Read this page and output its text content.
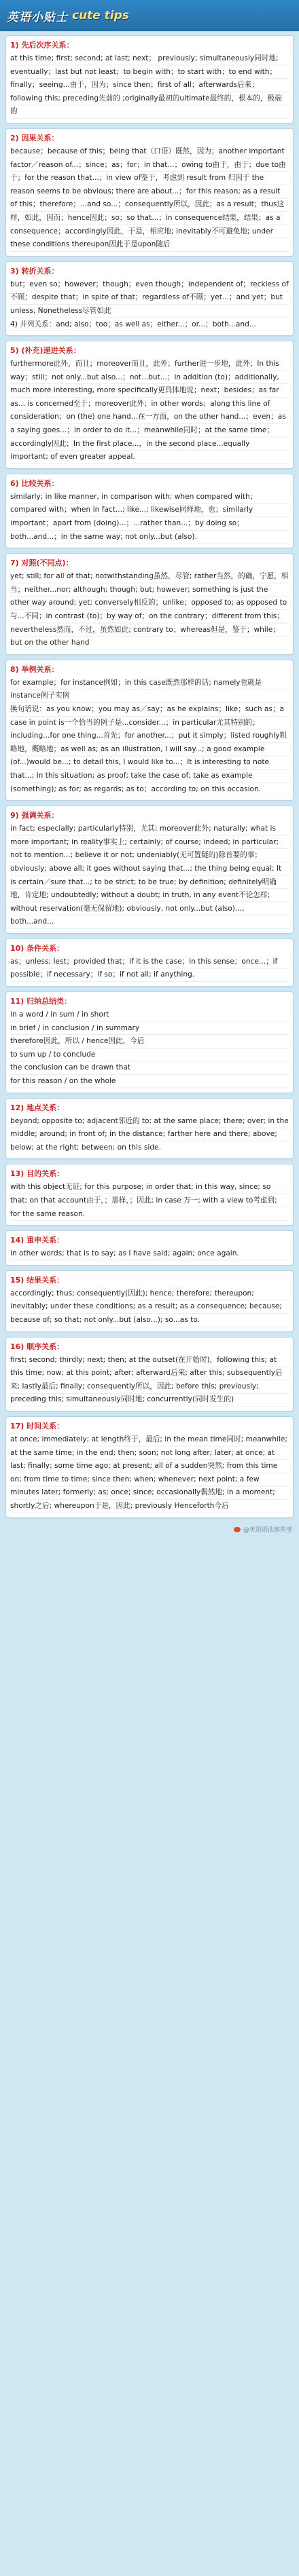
英语小贴士 cute tips
1) 先后次序关系：
at this time; first; second; at last; next； previously; simultaneously同时地; eventually；last but not least；to begin with；to start with；to end with；finally；seeing...由于，因为；since then；first of all；afterwards后来；following this; preceding先前的 ;originally最初的ultimate最终的，根本的，极端的
2) 因果关系：
because；because of this；being that（口语）既然，因为；another important factor／reason of...；since；as；for；in that...；owing to由于，由于；due to由于；for the reason that...；in view of鉴于，考虑到 result from 归因于 the reason seems to be obvious; there are about...；for this reason; as a result of this；therefore；...and so...；consequently所以，因此；as a result；thus这样，如此，因而；hence因此；so；so that...；in consequence结果，结果；as a consequence；accordingly因此，于是，相应地; inevitably不可避免地; under these conditions thereupon因此于是upon随后
3) 转折关系：
but；even so；however；though；even though；independent of；reckless of不顾；despite that；in spite of that；regardless of不顾；yet...；and yet；but unless. Nonetheless尽管如此
4) 并列关系：and; also；too；as well as；either...；or...；both...and...
5) (补充)递进关系：
furthermore此外，而且；moreover而且，此外；further进一步地，此外；In this way；still；not only...but also...；not...but...；in addition (to)；additionally, much more interesting, more specifically更具体地说；next；besides；as far as... is concerned至于；moreover此外；in other words；along this line of consideration；on (the) one hand...在一方面，on the other hand...；even；as a saying goes...；in order to do it...；meanwhile同时；at the same time；accordingly因此；In the first place...，in the second place...equally important; of even greater appeal.
6) 比较关系：
similarly; in like manner, in comparison with; when compared with；compared with；when in fact...; like...; likewise同样地，也；similarly important；apart from (doing)...；...rather than...；by doing so；both...and...；in the same way; not only...but (also).
7) 对照(不同点)：
yet; still; for all of that; notwithstanding虽然，尽管; rather当然，的确，宁愿，相当；neither...nor; although; though; but; however; something is just the other way around; yet; conversely相反的；unlike；opposed to; as opposed to 与...不同；in contrast (to)；by way of；on the contrary；different from this；nevertheless然而，不过，虽然如此; contrary to；whereas但是，鉴于；while；but on the other hand
8) 举例关系：
for example；for instance例如；in this case既然那样的话; namely也就是 instance例子实例
换句话说：as you know；you may as／say；as he explains；like；such as；a case in point is一个恰当的例子是...consider...；in particular尤其特别的；including...for one thing...首先；for another...；put it simply；listed roughly粗略地，概略地；as well as; as an illustration, I will say...; a good example (of...)would be...; to detail this, I would like to...；It is interesting to note that...; In this situation; as proof; take the case of; take as example (something); as for; as regards; as to；according to; on this occasion.
9) 强调关系：
in fact; especially; particularly特别，尤其; moreover此外; naturally; what is more important; in reality事实上; certainly; of course; indeed; in particular; not to mention...; believe it or not; undeniably(无可置疑的)除首要的事；obviously; above all; it goes without saying that...; the thing being equal; It is certain／sure that...; to be strict; to be true; by definition; definitely明确地，肯定地; undoubtedly; without a doubt; in truth, in any event不论怎样; without reservation(毫无保留地); obviously, not only...but (also)..., both...and...
10) 条件关系：
as；unless; lest；provided that；if it is the case；in this sense；once...；if possible；if necessary；if so；if not all; if anything.
11) 归纳总结类：
in a word / in sum / in short
in brief / in conclusion / in summary
therefore因此，所以 / hence因此，今后
to sum up / to conclude
the conclusion can be drawn that
for this reason / on the whole
12) 地点关系：
beyond; opposite to; adjacent邻近的 to; at the same place; there; over; in the middle; around; in front of; in the distance; farther here and there; above; below; at the right; between; on this side.
13) 目的关系：
with this object无证; for this purpose; in order that; in this way, since; so that; on that account由于，；那样，；因此; in case 万一; with a view to考虑到; for the same reason.
14) 重申关系：
in other words; that is to say; as I have said; again; once again.
15) 结果关系：
accordingly; thus; consequently(因此); hence; therefore; thereupon; inevitably; under these conditions; as a result; as a consequence; because; because of; so that; not only...but (also...); so...as to.
16) 顺序关系：
first; second; thirdly; next; then; at the outset(在开始时)，following this; at this time; now; at this point; after; afterward后来; after this; subsequently后来; lastly最后; finally; consequently所以，因此; before this; previously; preceding this; simultaneously同时地; concurrently(同时发生的)
17) 时间关系：
at once; immediately; at length终于，最后; in the mean time同时; meanwhile; at the same time; in the end; then; soon; not long after; later; at once; at last; finally; some time ago; at present; all of a sudden突然; from this time on; from time to time; since then; when; whenever; next point; a few minutes later; formerly; as; once; since; occasionally偶然地; in a moment; shortly之后; whereupon于是，因此; previously Henceforth今后
@英语语法那些事
